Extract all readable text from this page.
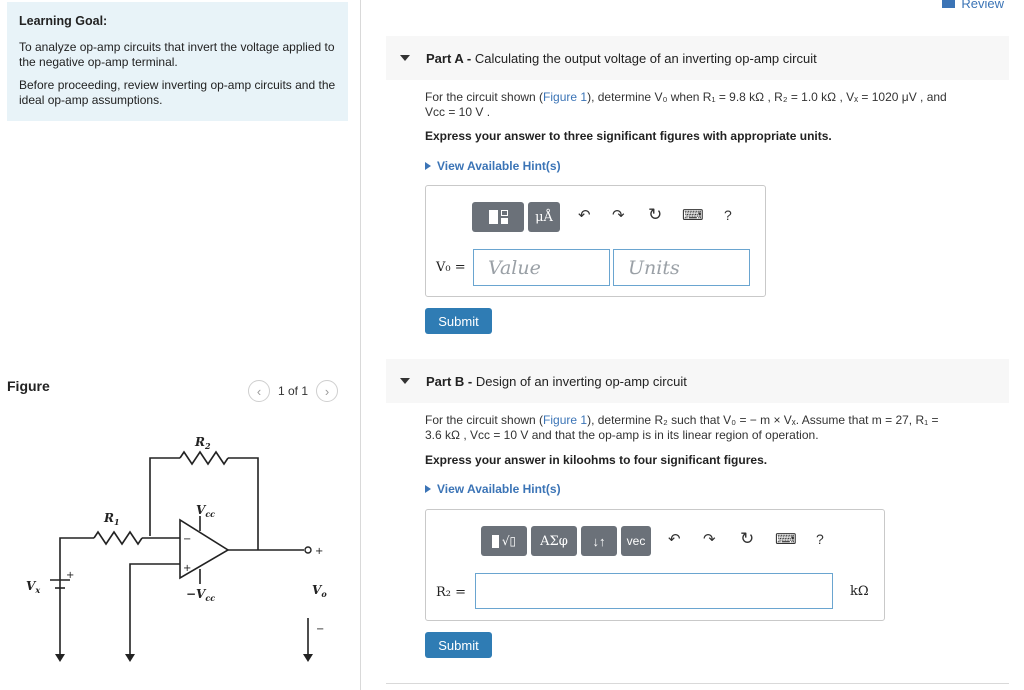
Learning Goal:

To analyze op-amp circuits that invert the voltage applied to the negative op-amp terminal.

Before proceeding, review inverting op-amp circuits and the ideal op-amp assumptions.

Figure	‹ 1 of 1 ›
$R_2$
$R_1$
$V_{cc}$
$-V_{cc}$
$V_x$	$V_o$
+
−
+
+
−
Review
Part A - Calculating the output voltage of an inverting op-amp circuit
For the circuit shown (Figure 1), determine V₀ when R₁ = 9.8 kΩ , R₂ = 1.0 kΩ , Vₓ = 1020 μV , and
Vcc = 10 V .
Express your answer to three significant figures with appropriate units.
View Available Hint(s)
μÅ	↶ ↷ ↻ ⌨ ?
V₀ =	Value	Units
Submit
Part B - Design of an inverting op-amp circuit
For the circuit shown (Figure 1), determine R₂ such that V₀ = − m × Vₓ. Assume that m = 27, R₁ =
3.6 kΩ , Vcc = 10 V and that the op-amp is in its linear region of operation.
Express your answer in kiloohms to four significant figures.
View Available Hint(s)
√▯	ΑΣφ	↓↑	vec	↶ ↷ ↻ ⌨ ?
R₂ =	kΩ
Submit
